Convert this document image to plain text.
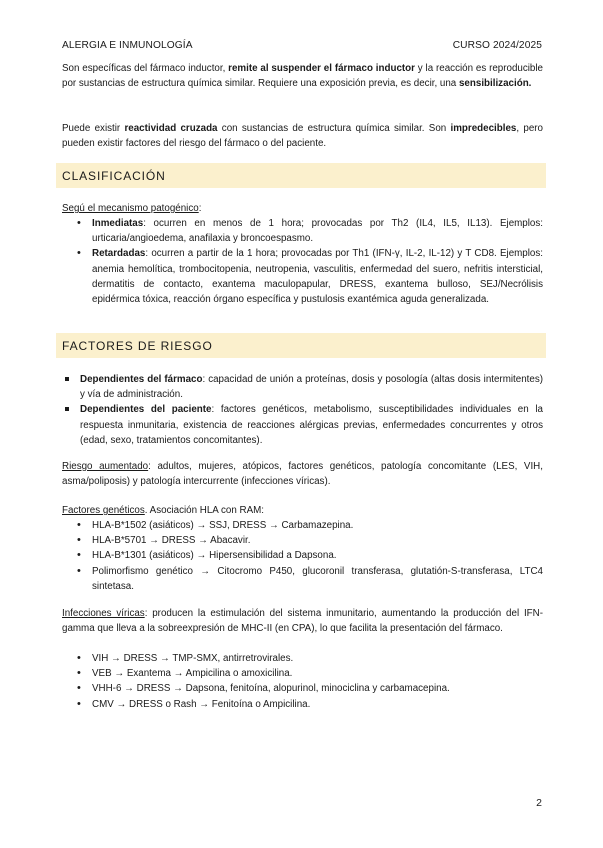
ALERGIA E INMUNOLOGÍA	CURSO 2024/2025
Son específicas del fármaco inductor, remite al suspender el fármaco inductor y la reacción es reproducible por sustancias de estructura química similar. Requiere una exposición previa, es decir, una sensibilización.
Puede existir reactividad cruzada con sustancias de estructura química similar. Son impredecibles, pero pueden existir factores del riesgo del fármaco o del paciente.
CLASIFICACIÓN
Segú el mecanismo patogénico:
• Inmediatas: ocurren en menos de 1 hora; provocadas por Th2 (IL4, IL5, IL13). Ejemplos: urticaria/angioedema, anafilaxia y broncoespasmo.
• Retardadas: ocurren a partir de la 1 hora; provocadas por Th1 (IFN-γ, IL-2, IL-12) y T CD8. Ejemplos: anemia hemolítica, trombocitopenia, neutropenia, vasculitis, enfermedad del suero, nefritis intersticial, dermatitis de contacto, exantema maculopapular, DRESS, exantema bulloso, SEJ/Necrólisis epidérmica tóxica, reacción órgano específica y pustulosis exantémica aguda generalizada.
FACTORES DE RIESGO
Dependientes del fármaco: capacidad de unión a proteínas, dosis y posología (altas dosis intermitentes) y vía de administración.
Dependientes del paciente: factores genéticos, metabolismo, susceptibilidades individuales en la respuesta inmunitaria, existencia de reacciones alérgicas previas, enfermedades concurrentes y otros (edad, sexo, tratamientos concomitantes).
Riesgo aumentado: adultos, mujeres, atópicos, factores genéticos, patología concomitante (LES, VIH, asma/poliposis) y patología intercurrente (infecciones víricas).
Factores genéticos. Asociación HLA con RAM:
• HLA-B*1502 (asiáticos) → SSJ, DRESS → Carbamazepina.
• HLA-B*5701 → DRESS → Abacavir.
• HLA-B*1301 (asiáticos) → Hipersensibilidad a Dapsona.
• Polimorfismo genético → Citocromo P450, glucoronil transferasa, glutatión-S-transferasa, LTC4 sintetasa.
Infecciones víricas: producen la estimulación del sistema inmunitario, aumentando la producción del IFN-gamma que lleva a la sobreexpresión de MHC-II (en CPA), lo que facilita la presentación del fármaco.
• VIH → DRESS → TMP-SMX, antirretrovirales.
• VEB → Exantema → Ampicilina o amoxicilina.
• VHH-6 → DRESS → Dapsona, fenitoína, alopurinol, minociclina y carbamacepina.
• CMV → DRESS o Rash → Fenitoína o Ampicilina.
2
